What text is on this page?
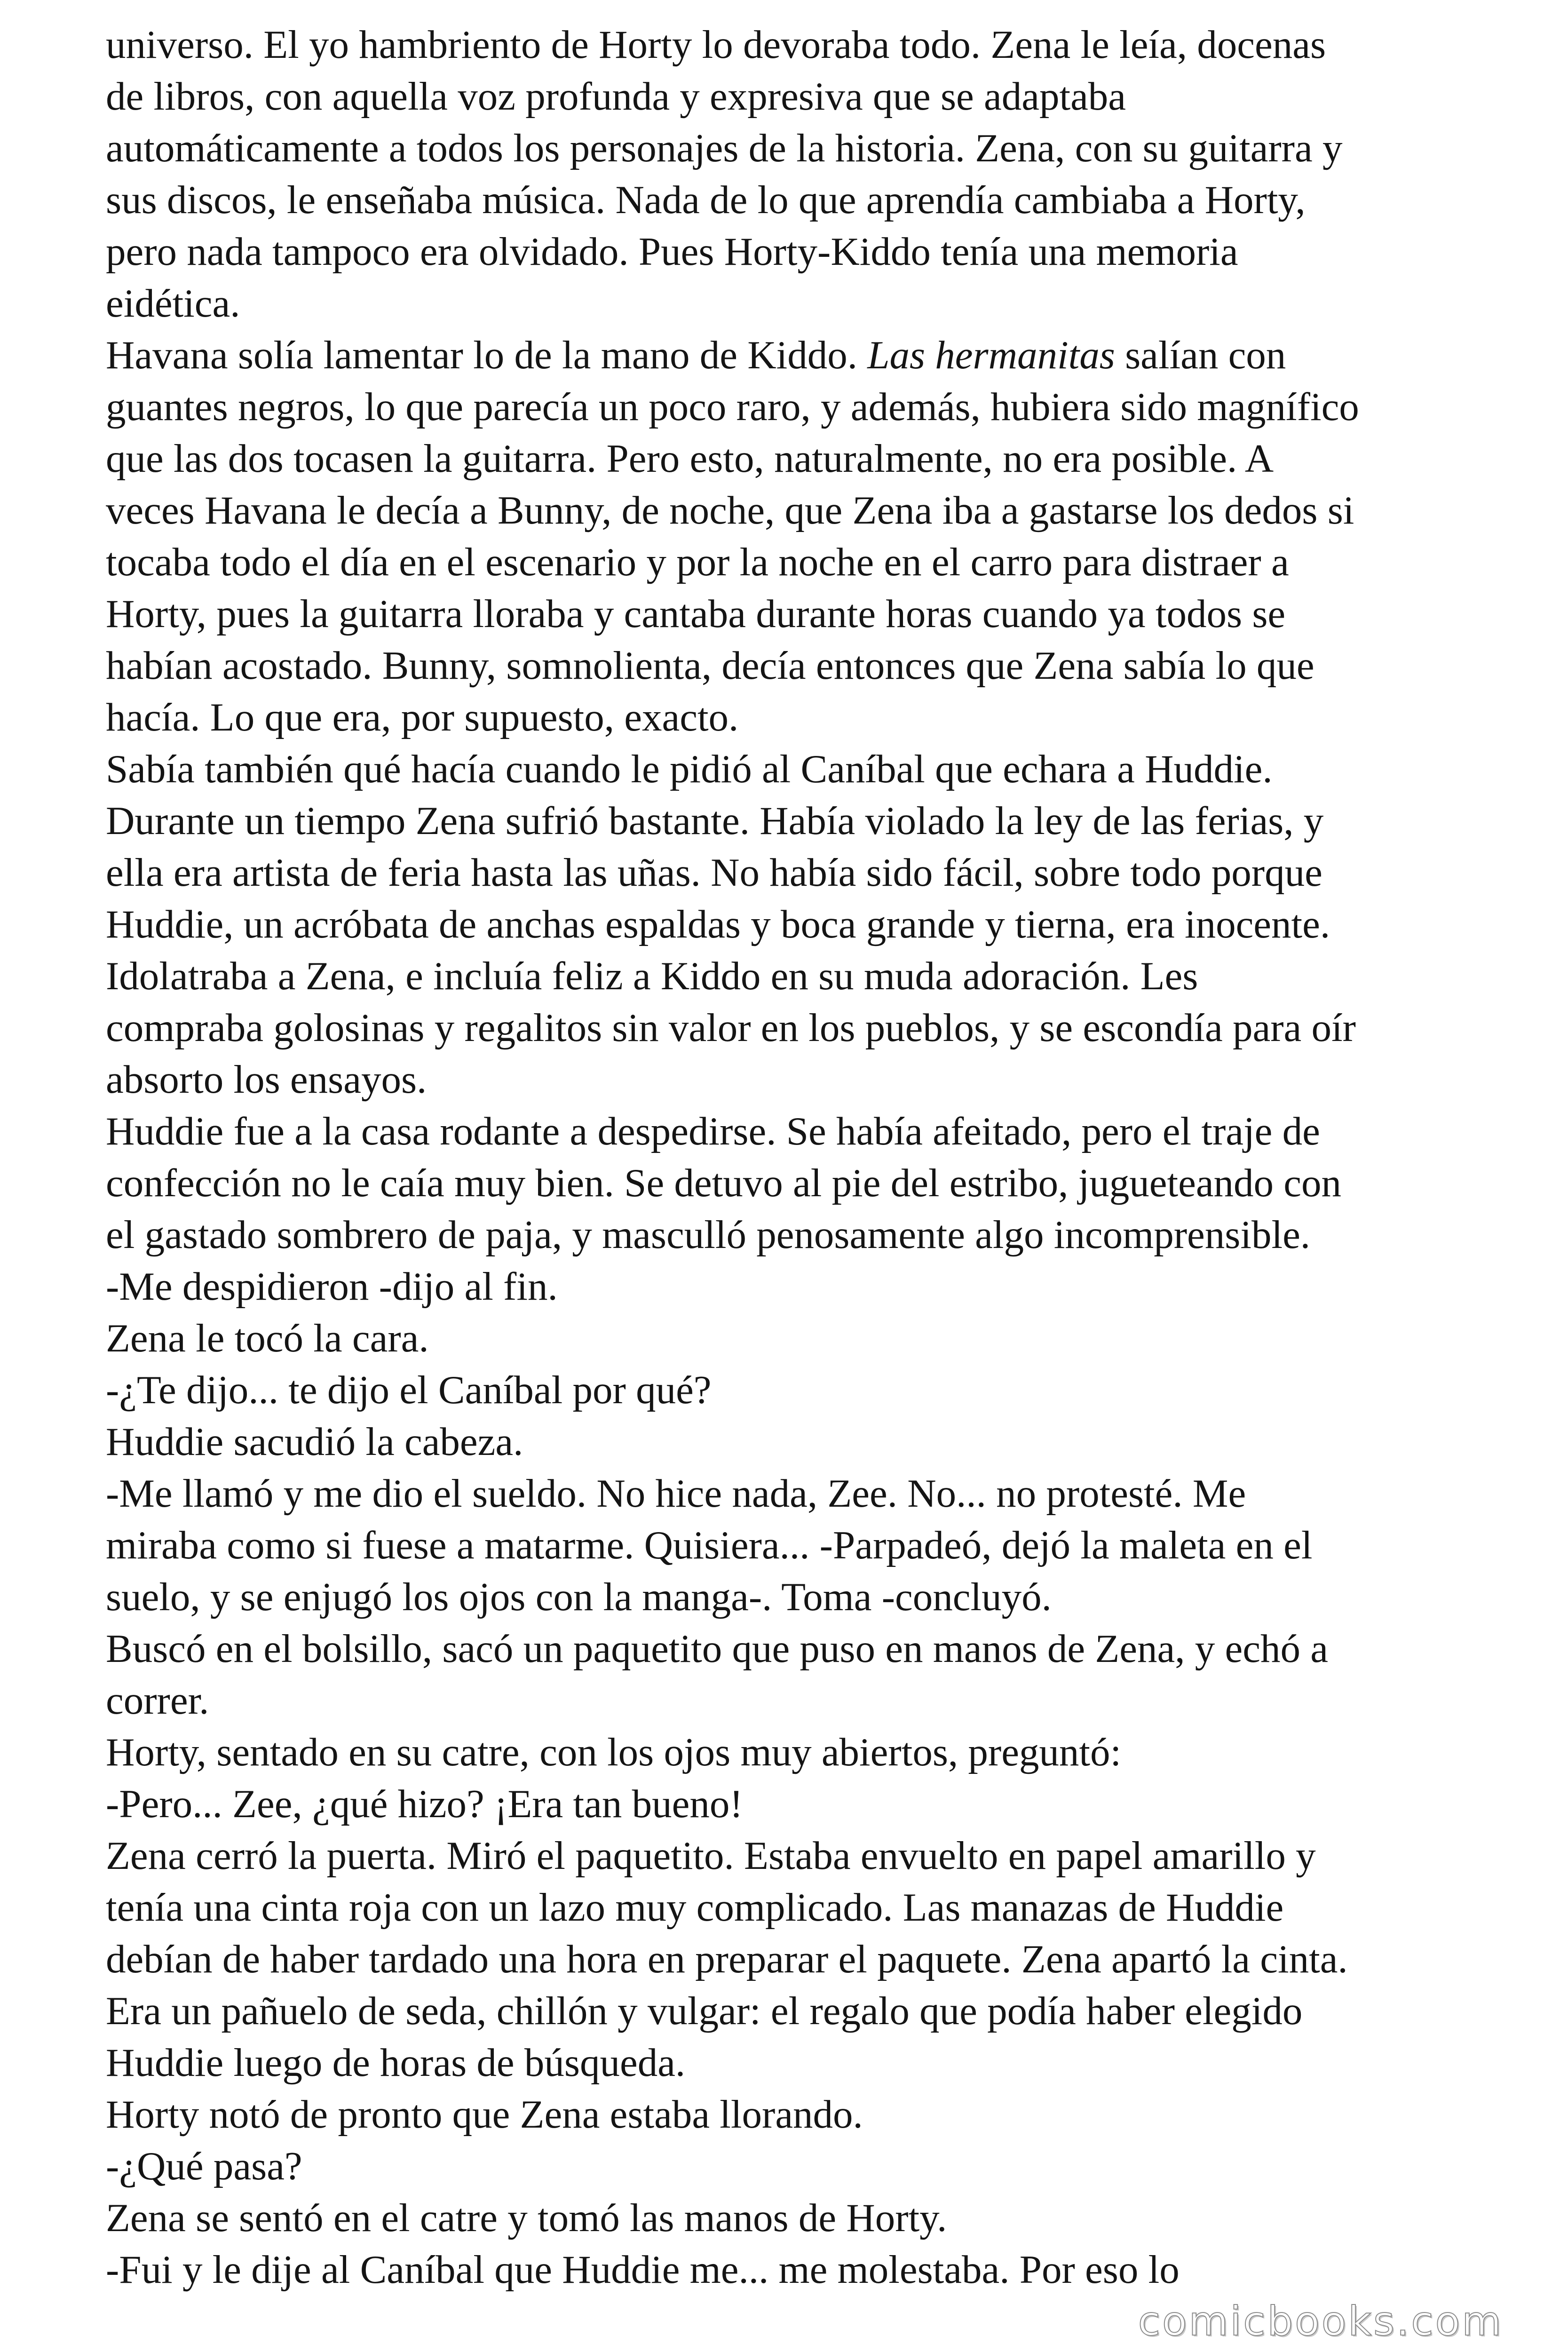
universo. El yo hambriento de Horty lo devoraba todo. Zena le leía, docenas
de libros, con aquella voz profunda y expresiva que se adaptaba
automáticamente a todos los personajes de la historia. Zena, con su guitarra y
sus discos, le enseñaba música. Nada de lo que aprendía cambiaba a Horty,
pero nada tampoco era olvidado. Pues Horty-Kiddo tenía una memoria
eidética.
Havana solía lamentar lo de la mano de Kiddo. Las hermanitas salían con
guantes negros, lo que parecía un poco raro, y además, hubiera sido magnífico
que las dos tocasen la guitarra. Pero esto, naturalmente, no era posible. A
veces Havana le decía a Bunny, de noche, que Zena iba a gastarse los dedos si
tocaba todo el día en el escenario y por la noche en el carro para distraer a
Horty, pues la guitarra lloraba y cantaba durante horas cuando ya todos se
habían acostado. Bunny, somnolienta, decía entonces que Zena sabía lo que
hacía. Lo que era, por supuesto, exacto.
Sabía también qué hacía cuando le pidió al Caníbal que echara a Huddie.
Durante un tiempo Zena sufrió bastante. Había violado la ley de las ferias, y
ella era artista de feria hasta las uñas. No había sido fácil, sobre todo porque
Huddie, un acróbata de anchas espaldas y boca grande y tierna, era inocente.
Idolatraba a Zena, e incluía feliz a Kiddo en su muda adoración. Les
compraba golosinas y regalitos sin valor en los pueblos, y se escondía para oír
absorto los ensayos.
Huddie fue a la casa rodante a despedirse. Se había afeitado, pero el traje de
confección no le caía muy bien. Se detuvo al pie del estribo, jugueteando con
el gastado sombrero de paja, y masculló penosamente algo incomprensible.
-Me despidieron -dijo al fin.
Zena le tocó la cara.
-¿Te dijo... te dijo el Caníbal por qué?
Huddie sacudió la cabeza.
-Me llamó y me dio el sueldo. No hice nada, Zee. No... no protesté. Me
miraba como si fuese a matarme. Quisiera... -Parpadeó, dejó la maleta en el
suelo, y se enjugó los ojos con la manga-. Toma -concluyó.
Buscó en el bolsillo, sacó un paquetito que puso en manos de Zena, y echó a
correr.
Horty, sentado en su catre, con los ojos muy abiertos, preguntó:
-Pero... Zee, ¿qué hizo? ¡Era tan bueno!
Zena cerró la puerta. Miró el paquetito. Estaba envuelto en papel amarillo y
tenía una cinta roja con un lazo muy complicado. Las manazas de Huddie
debían de haber tardado una hora en preparar el paquete. Zena apartó la cinta.
Era un pañuelo de seda, chillón y vulgar: el regalo que podía haber elegido
Huddie luego de horas de búsqueda.
Horty notó de pronto que Zena estaba llorando.
-¿Qué pasa?
Zena se sentó en el catre y tomó las manos de Horty.
-Fui y le dije al Caníbal que Huddie me... me molestaba. Por eso lo
comicbooks.com
